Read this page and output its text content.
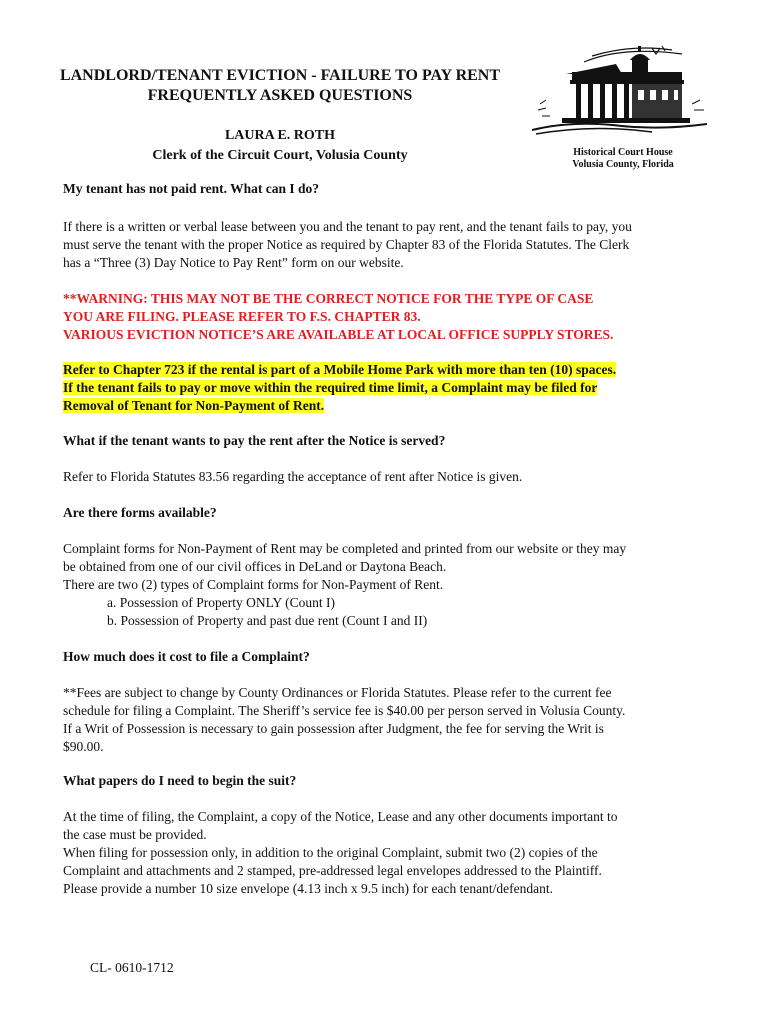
LANDLORD/TENANT EVICTION - FAILURE TO PAY RENT
FREQUENTLY ASKED QUESTIONS
LAURA E. ROTH
Clerk of the Circuit Court, Volusia County	Historical Court House
Volusia County, Florida

My tenant has not paid rent. What can I do?

If there is a written or verbal lease between you and the tenant to pay rent, and the tenant fails to pay, you

must serve the tenant with the proper Notice as required by Chapter 83 of the Florida Statutes. The Clerk

has a “Three (3) Day Notice to Pay Rent” form on our website.

**WARNING: THIS MAY NOT BE THE CORRECT NOTICE FOR THE TYPE OF CASE

YOU ARE FILING. PLEASE REFER TO F.S. CHAPTER 83.

VARIOUS EVICTION NOTICE’S ARE AVAILABLE AT LOCAL OFFICE SUPPLY STORES.

Refer to Chapter 723 if the rental is part of a Mobile Home Park with more than ten (10) spaces.

If the tenant fails to pay or move within the required time limit, a Complaint may be filed for

Removal of Tenant for Non-Payment of Rent.

What if the tenant wants to pay the rent after the Notice is served?

Refer to Florida Statutes 83.56 regarding the acceptance of rent after Notice is given.

Are there forms available?

Complaint forms for Non-Payment of Rent may be completed and printed from our website or they may

be obtained from one of our civil offices in DeLand or Daytona Beach.

There are two (2) types of Complaint forms for Non-Payment of Rent.

a. Possession of Property ONLY (Count I)

b. Possession of Property and past due rent (Count I and II)

How much does it cost to file a Complaint?

**Fees are subject to change by County Ordinances or Florida Statutes. Please refer to the current fee

schedule for filing a Complaint. The Sheriff’s service fee is $40.00 per person served in Volusia County.

If a Writ of Possession is necessary to gain possession after Judgment, the fee for serving the Writ is

$90.00.

What papers do I need to begin the suit?

At the time of filing, the Complaint, a copy of the Notice, Lease and any other documents important to

the case must be provided.

When filing for possession only, in addition to the original Complaint, submit two (2) copies of the

Complaint and attachments and 2 stamped, pre-addressed legal envelopes addressed to the Plaintiff.

Please provide a number 10 size envelope (4.13 inch x 9.5 inch) for each tenant/defendant.

CL- 0610-1712
